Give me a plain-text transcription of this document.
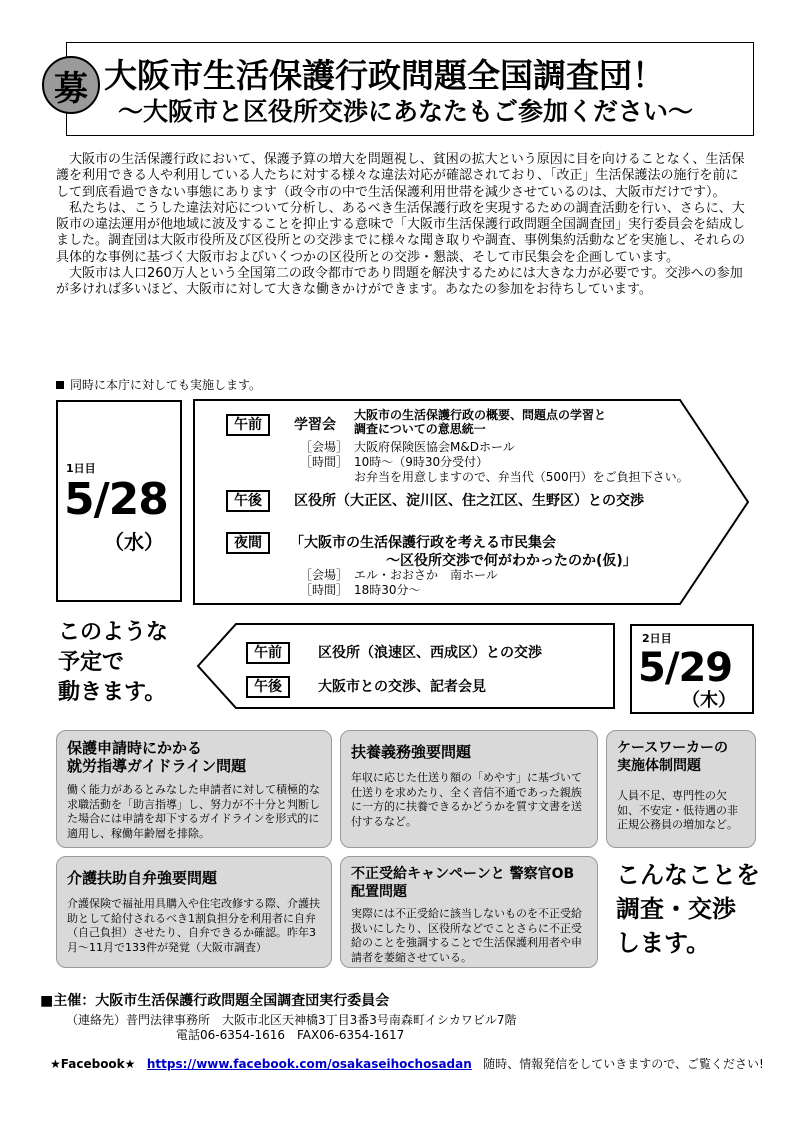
募 大阪市生活保護行政問題全国調査団！
〜大阪市と区役所交渉にあなたもご参加ください〜

大阪市の生活保護行政において、保護予算の増大を問題視し、貧困の拡大という原因に目を向けることなく、生活保護を利用できる人や利用している人たちに対する様々な違法対応が確認されており、「改正」生活保護法の施行を前にして到底看過できない事態にあります（政令市の中で生活保護利用世帯を減少させているのは、大阪市だけです）。

私たちは、こうした違法対応について分析し、あるべき生活保護行政を実現するための調査活動を行い、さらに、大阪市の違法運用が他地域に波及することを抑止する意味で「大阪市生活保護行政問題全国調査団」実行委員会を結成しました。調査団は大阪市役所及び区役所との交渉までに様々な聞き取りや調査、事例集約活動などを実施し、それらの具体的な事例に基づく大阪市およびいくつかの区役所との交渉・懇談、そして市民集会を企画しています。

大阪市は人口260万人という全国第二の政令都市であり問題を解決するためには大きな力が必要です。交渉への参加が多ければ多いほど、大阪市に対して大きな働きかけができます。あなたの参加をお待ちしています。

同時に本庁に対しても実施します。
1日目
5/28
（水）
午前	学習会
大阪市の生活保護行政の概要、問題点の学習と
調査についての意思統一
［会場］　大阪府保険医協会M&Dホール
［時間］　10時〜（9時30分受付）
お弁当を用意しますので、弁当代（500円）をご負担下さい。
午後	区役所（大正区、淀川区、住之江区、生野区）との交渉
夜間	「大阪市の生活保護行政を考える市民集会
〜区役所交渉で何がわかったのか(仮)」
［会場］　エル・おおさか　南ホール
［時間］　18時30分〜
このような
予定で
動きます。
午前	区役所（浪速区、西成区）との交渉
午後	大阪市との交渉、記者会見
2日目
5/29
（木）
保護申請時にかかる
就労指導ガイドライン問題
働く能力があるとみなした申請者に対して積極的な求職活動を「助言指導」し、努力が不十分と判断した場合には申請を却下するガイドラインを形式的に適用し、稼働年齢層を排除。
扶養義務強要問題
年収に応じた仕送り額の「めやす」に基づいて仕送りを求めたり、全く音信不通であった親族に一方的に扶養できるかどうかを質す文書を送付するなど。
ケースワーカーの 実施体制問題
人員不足、専門性の欠如、不安定・低待遇の非正規公務員の増加など。
介護扶助自弁強要問題
介護保険で福祉用具購入や住宅改修する際、介護扶助として給付されるべき1割負担分を利用者に自弁（自己負担）させたり、自弁できるか確認。昨年3月〜11月で133件が発覚（大阪市調査）
不正受給キャンペーンと 警察官OB配置問題
実際には不正受給に該当しないものを不正受給扱いにしたり、区役所などでことさらに不正受給のことを強調することで生活保護利用者や申請者を萎縮させている。
こんなことを
調査・交渉
します。
■主催：大阪市生活保護行政問題全国調査団実行委員会
（連絡先）普門法律事務所　大阪市北区天神橋3丁目3番3号南森町イシカワビル7階
電話06-6354-1616　FAX06-6354-1617
★Facebook★ https://www.facebook.com/osakaseihochosadan 随時、情報発信をしていきますので、ご覧ください!
